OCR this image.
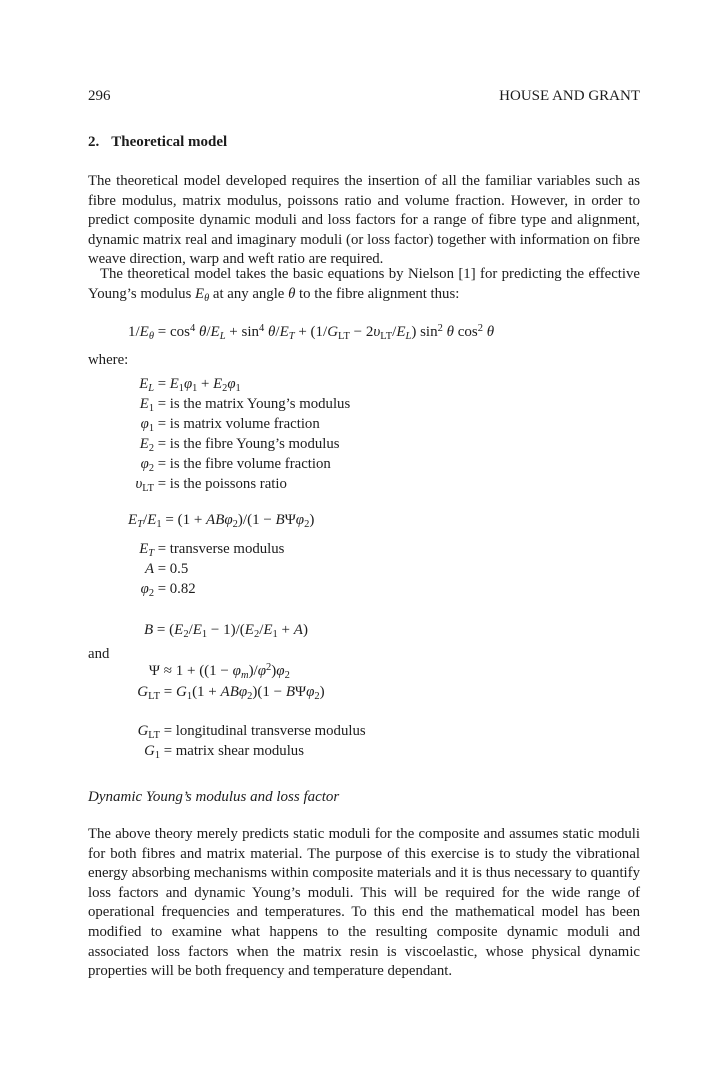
296	HOUSE AND GRANT
2. Theoretical model

The theoretical model developed requires the insertion of all the familiar variables such as fibre modulus, matrix modulus, poissons ratio and volume fraction. However, in order to predict composite dynamic moduli and loss factors for a range of fibre type and alignment, dynamic matrix real and imaginary moduli (or loss factor) together with information on fibre weave direction, warp and weft ratio are required.

The theoretical model takes the basic equations by Nielson [1] for predicting the effective Young’s modulus $E_\theta$ at any angle θ to the fibre alignment thus:

$1/E_\theta = \cos^4 \theta/E_L + \sin^4 \theta/E_T + (1/G_{LT} - 2\upsilon_{LT}/E_L)$ $\sin^2 \theta$ $\cos^2 \theta$
where:
$E_L = E_1\varphi_1 + E_2\varphi_1$
$E_1$ = is the matrix Young’s modulus
$\varphi_1$ = is matrix volume fraction
$E_2$ = is the fibre Young’s modulus
$\varphi_2$ = is the fibre volume fraction
$\upsilon_{LT}$ = is the poissons ratio
$E_T/E_1 = (1 + AB\varphi_2)/(1 - B\Psi\varphi_2)$
$E_T$ = transverse modulus
A = 0.5
$\varphi_2 = 0.82$
$B = (E_2/E_1 - 1)/(E_2/E_1 + A)$
and
$\Psi \approx 1 + ((1 - \varphi_m)/\varphi^2)\varphi_2$
$G_{LT} = G_1(1 + AB\varphi_2)(1 - B\Psi\varphi_2)$
$G_{LT}$ = longitudinal transverse modulus
$G_1$ = matrix shear modulus
Dynamic Young’s modulus and loss factor

The above theory merely predicts static moduli for the composite and assumes static moduli for both fibres and matrix material. The purpose of this exercise is to study the vibrational energy absorbing mechanisms within composite materials and it is thus necessary to quantify loss factors and dynamic Young’s moduli. This will be required for the wide range of operational frequencies and temperatures. To this end the mathematical model has been modified to examine what happens to the resulting composite dynamic moduli and associated loss factors when the matrix resin is viscoelastic, whose physical dynamic properties will be both frequency and temperature dependant.
